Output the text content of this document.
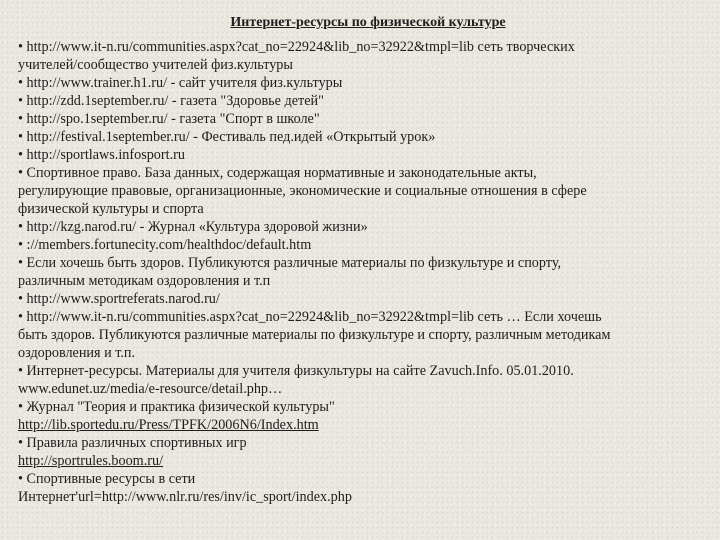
Интернет-ресурсы по физической культуре
• http://www.it-n.ru/communities.aspx?cat_no=22924&lib_no=32922&tmpl=lib сеть творческих
учителей/сообщество учителей физ.культуры
• http://www.trainer.h1.ru/ - сайт учителя физ.культуры
• http://zdd.1september.ru/ - газета "Здоровье детей"
• http://spo.1september.ru/ - газета "Спорт в школе"
• http://festival.1september.ru/ - Фестиваль пед.идей «Открытый урок»
• http://sportlaws.infosport.ru
• Спортивное право. База данных, содержащая нормативные и законодательные акты,
регулирующие правовые, организационные, экономические и социальные отношения в сфере
физической культуры и спорта
• http://kzg.narod.ru/ - Журнал «Культура здоровой жизни»
• ://members.fortunecity.com/healthdoc/default.htm
• Если хочешь быть здоров. Публикуются различные материалы по физкультуре и спорту,
различным методикам оздоровления и т.п
• http://www.sportreferats.narod.ru/
• http://www.it-n.ru/communities.aspx?cat_no=22924&lib_no=32922&tmpl=lib сеть … Если хочешь
быть здоров. Публикуются различные материалы по физкультуре и спорту, различным методикам
оздоровления и т.п.
• Интернет-ресурсы. Материалы для учителя физкультуры на сайте Zavuch.Info. 05.01.2010.
www.edunet.uz/media/e-resource/detail.php…
• Журнал "Теория и практика физической культуры"
http://lib.sportedu.ru/Press/TPFK/2006N6/Index.htm
• Правила различных спортивных игр
http://sportrules.boom.ru/
• Спортивные ресурсы в сети
Интернет'url=http://www.nlr.ru/res/inv/ic_sport/index.php
